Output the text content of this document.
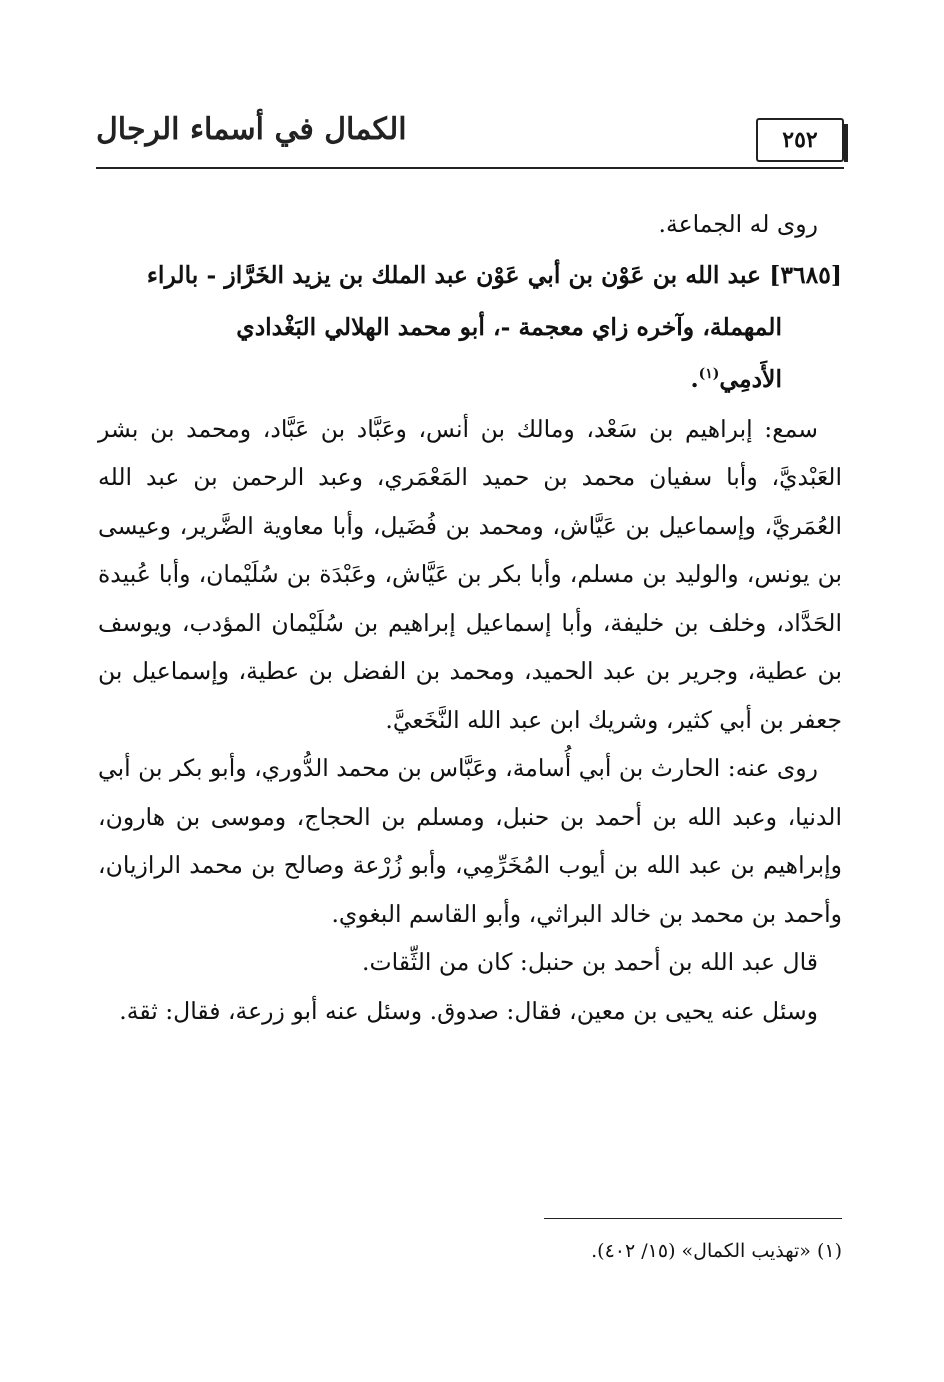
الكمال في أسماء الرجال	٢٥٢

روى له الجماعة.

[٣٦٨٥] عبد الله بن عَوْن بن أبي عَوْن عبد الملك بن يزيد الخَرَّاز - بالراء
المهملة، وآخره زاي معجمة -، أبو محمد الهلالي البَغْدادي
الأَدمِي$^{(١)}$.

سمع: إبراهيم بن سَعْد، ومالك بن أنس، وعَبَّاد بن عَبَّاد، ومحمد بن بشر العَبْديَّ، وأبا سفيان محمد بن حميد المَعْمَري، وعبد الرحمن بن عبد الله العُمَريَّ، وإسماعيل بن عَيَّاش، ومحمد بن فُضَيل، وأبا معاوية الضَّرير، وعيسى بن يونس، والوليد بن مسلم، وأبا بكر بن عَيَّاش، وعَبْدَة بن سُلَيْمان، وأبا عُبيدة الحَدَّاد، وخلف بن خليفة، وأبا إسماعيل إبراهيم بن سُلَيْمان المؤدب، ويوسف بن عطية، وجرير بن عبد الحميد، ومحمد بن الفضل بن عطية، وإسماعيل بن جعفر بن أبي كثير، وشريك ابن عبد الله النَّخَعيَّ.

روى عنه: الحارث بن أبي أُسامة، وعَبَّاس بن محمد الدُّوري، وأبو بكر بن أبي الدنيا، وعبد الله بن أحمد بن حنبل، ومسلم بن الحجاج، وموسى بن هارون، وإبراهيم بن عبد الله بن أيوب المُخَرِّمِي، وأبو زُرْعة وصالح بن محمد الرازيان، وأحمد بن محمد بن خالد البراثي، وأبو القاسم البغوي.

قال عبد الله بن أحمد بن حنبل: كان من الثِّقات.

وسئل عنه يحيى بن معين، فقال: صدوق. وسئل عنه أبو زرعة، فقال: ثقة.

(١) «تهذيب الكمال» (١٥/ ٤٠٢).
